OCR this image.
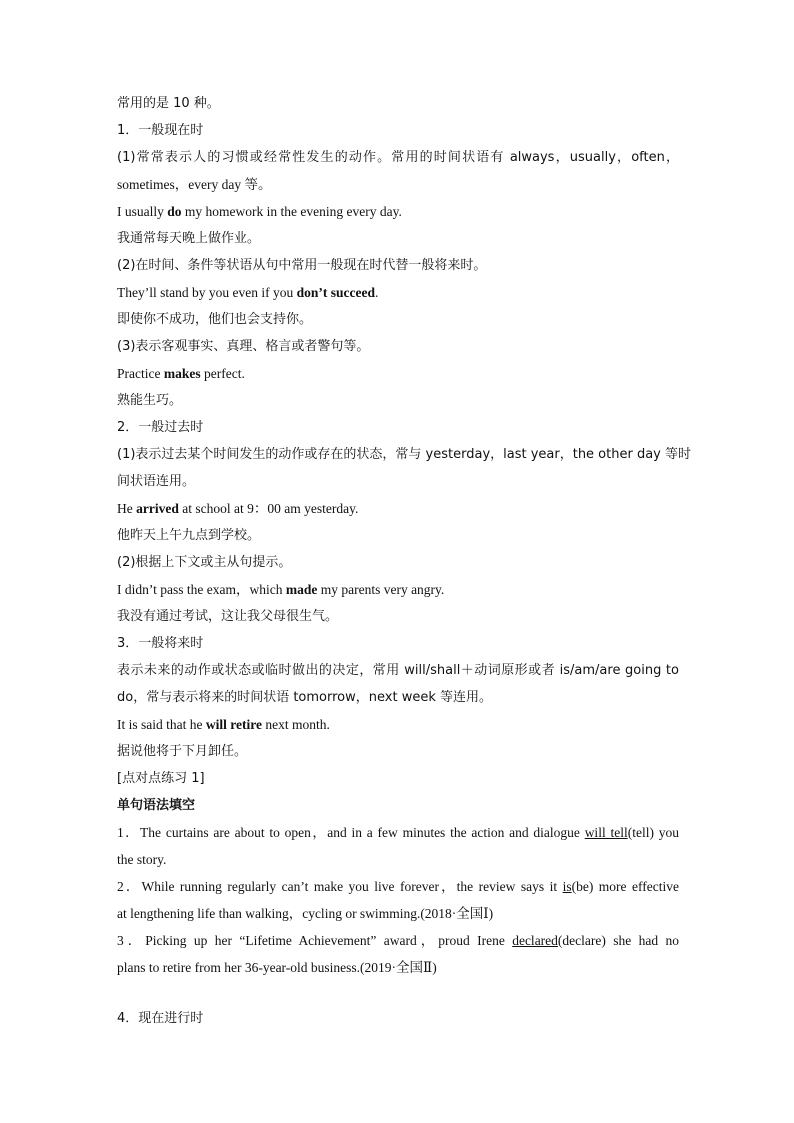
常用的是 10 种。
1．一般现在时
(1)常常表示人的习惯或经常性发生的动作。常用的时间状语有 always，usually，often，
sometimes，every day 等。
I usually do my homework in the evening every day.
我通常每天晚上做作业。
(2)在时间、条件等状语从句中常用一般现在时代替一般将来时。
They’ll stand by you even if you don’t succeed.
即使你不成功，他们也会支持你。
(3)表示客观事实、真理、格言或者警句等。
Practice makes perfect.
熟能生巧。
2．一般过去时
(1)表示过去某个时间发生的动作或存在的状态，常与 yesterday，last year，the other day 等时
间状语连用。
He arrived at school at 9：00 am yesterday.
他昨天上午九点到学校。
(2)根据上下文或主从句提示。
I didn’t pass the exam，which made my parents very angry.
我没有通过考试，这让我父母很生气。
3．一般将来时
表示未来的动作或状态或临时做出的决定，常用 will/shall＋动词原形或者 is/am/are going to
do，常与表示将来的时间状语 tomorrow，next week 等连用。
It is said that he will retire next month.
据说他将于下月卸任。
[点对点练习 1]
单句语法填空
1．The curtains are about to open，and in a few minutes the action and dialogue will tell(tell) you
the story.
2．While running regularly can’t make you live forever，the review says it is(be) more effective
at lengthening life than walking，cycling or swimming.(2018·全国Ⅰ)
3．Picking up her “Lifetime Achievement” award，proud Irene declared(declare) she had no
plans to retire from her 36-year-old business.(2019·全国Ⅱ)
4．现在进行时
